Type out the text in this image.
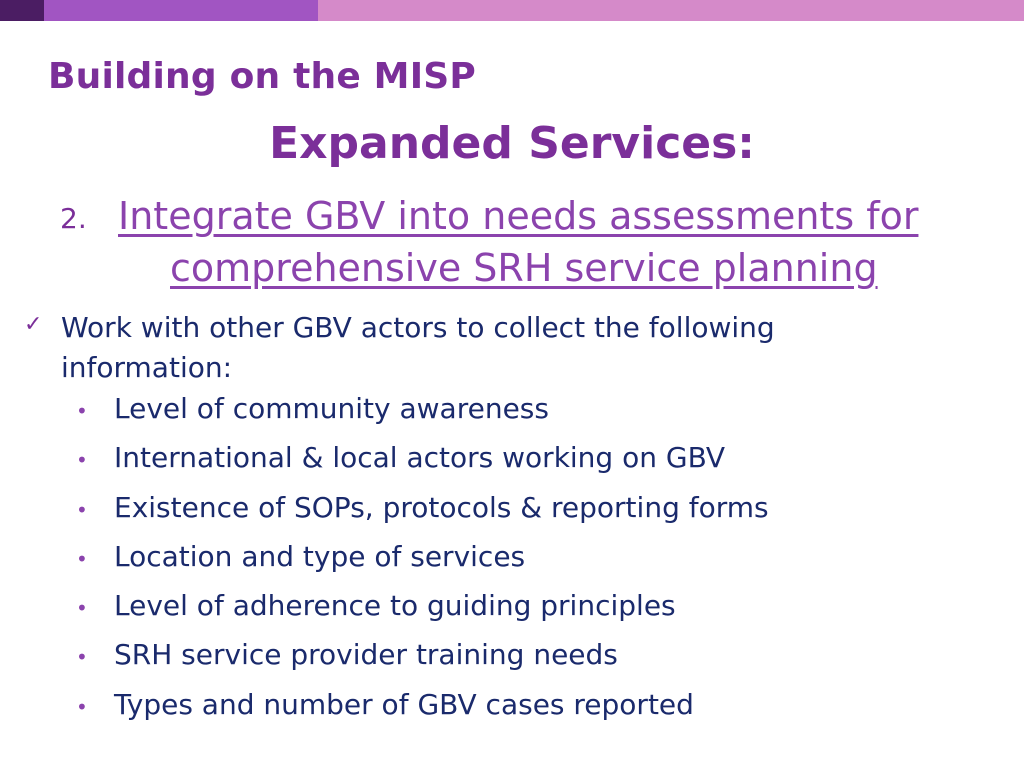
Building on the MISP
Expanded Services:
2. Integrate GBV into needs assessments for
comprehensive SRH service planning
✓ Work with other GBV actors to collect the following information:
• Level of community awareness
• International & local actors working on GBV
• Existence of SOPs, protocols & reporting forms
• Location and type of services
• Level of adherence to guiding principles
• SRH service provider training needs
• Types and number of GBV cases reported
